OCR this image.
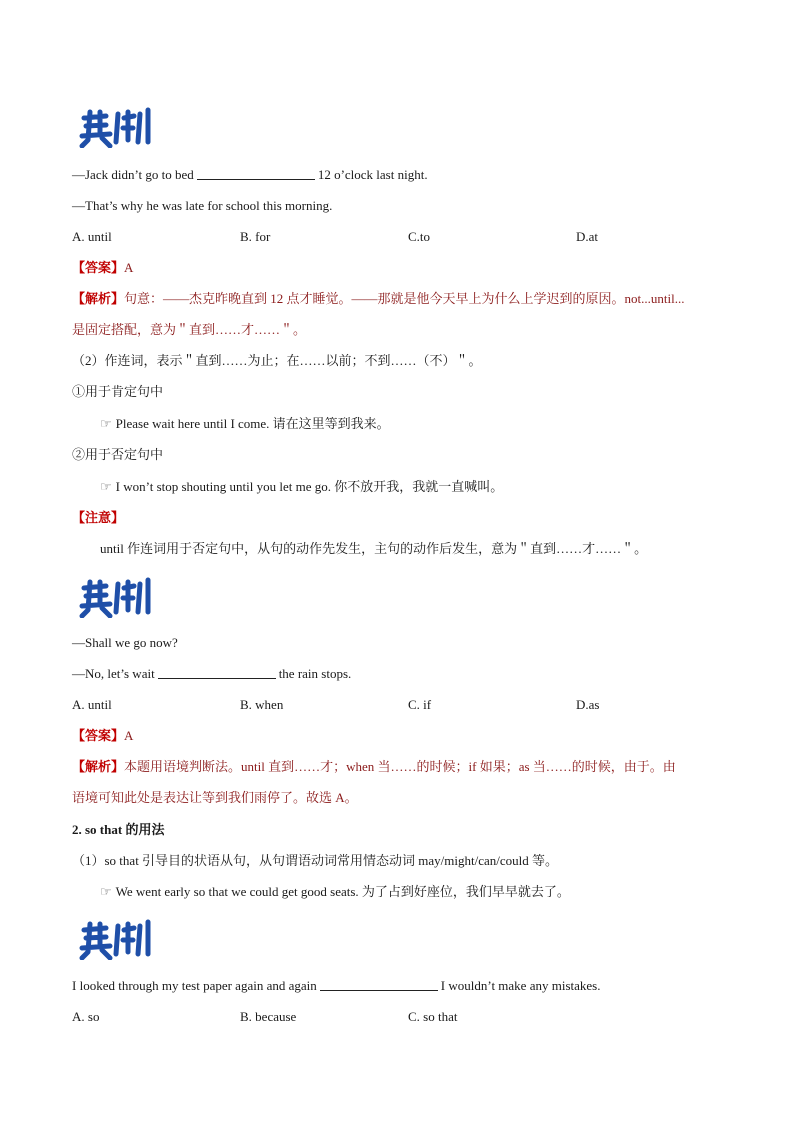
—Jack didn’t go to bed	12 o’clock last night.
—That’s why he was late for school this morning.
A. until	B. for	C.to	D.at
【答案】A
【解析】句意：——杰克昨晚直到 12 点才睡觉。——那就是他今天早上为什么上学迟到的原因。not...until...
是固定搭配，意为＂直到……才……＂。
（2）作连词，表示＂直到……为止；在……以前；不到……（不）＂。
①用于肯定句中
☞ Please wait here until I come. 请在这里等到我来。
②用于否定句中
☞ I won’t stop shouting until you let me go. 你不放开我，我就一直喊叫。
【注意】
until 作连词用于否定句中，从句的动作先发生，主句的动作后发生，意为＂直到……才……＂。
—Shall we go now?
—No, let’s wait	the rain stops.
A. until	B. when	C. if	D.as
【答案】A
【解析】本题用语境判断法。until 直到……才；when 当……的时候；if 如果；as 当……的时候，由于。由
语境可知此处是表达让等到我们雨停了。故选 A。
2. so that 的用法
（1）so that 引导目的状语从句，从句谓语动词常用情态动词 may/might/can/could 等。
☞ We went early so that we could get good seats. 为了占到好座位，我们早早就去了。
I looked through my test paper again and again	I wouldn’t make any mistakes.
A. so	B. because	C. so that
